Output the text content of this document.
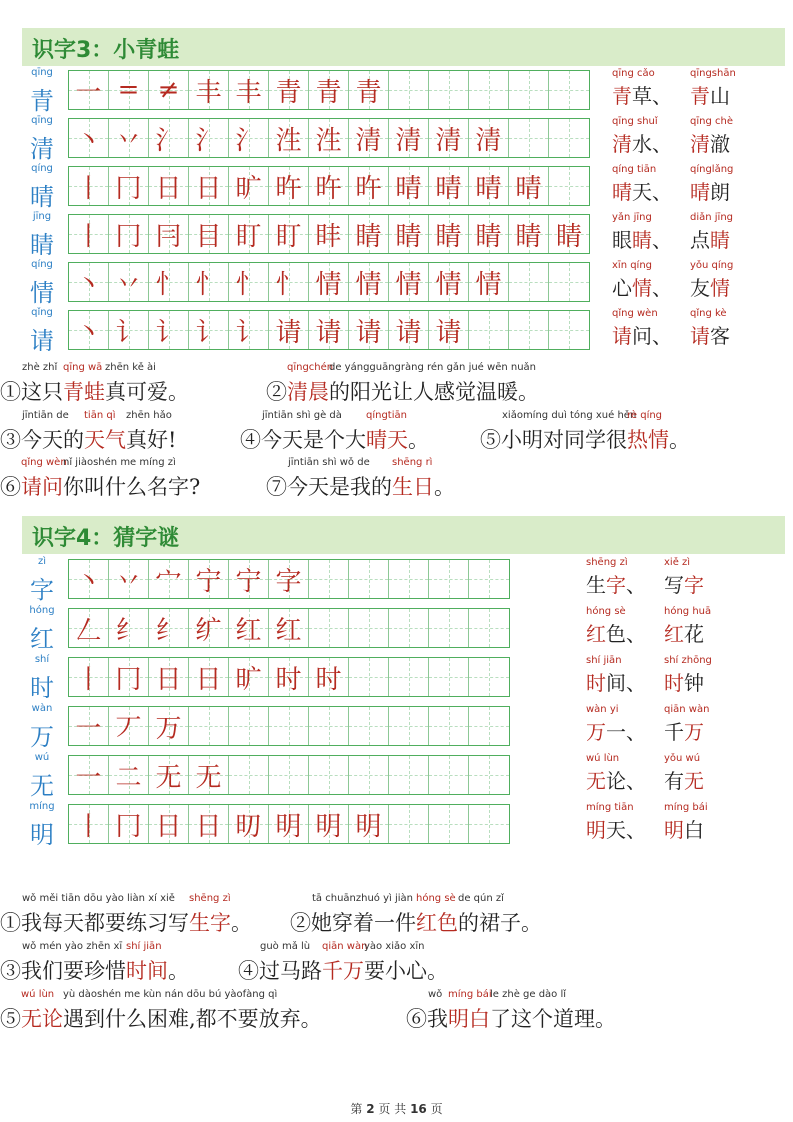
识字3：小青蛙
qīng
青 一 = ≠ 丰 丰 青 青 青
qīng cǎo
青草、
qīngshān
青山
qīng
清 丶 丷 氵 氵 氵 泩 泩 清 清 清 清
qīng shuǐ
清水、
qīng chè
清澈
qíng
晴 丨 冂 日 日 旷 旿 旿 旿 晴 晴 晴 晴
qíng tiān
晴天、
qínglǎng
晴朗
jīng
睛 丨 冂 冃 目 盯 盯 盽 睛 睛 睛 睛 睛 睛
yǎn jīng
眼睛、
diǎn jīng
点睛
qíng
情 丶 丷 忄 忄 忄 忄 情 情 情 情 情
xīn qíng
心情、
yǒu qíng
友情
qǐng
请 丶 讠 讠 讠 讠 请 请 请 请 请
qǐng wèn
请问、
qǐng kè
请客
zhè zhǐ qīng wā zhēn kě ài
①这只青蛙真可爱。
qīngchén
de yángguāngràng rén gǎn jué wēn nuǎn
②清晨的阳光让人感觉温暖。
jīntiān de tiān qì zhēn hǎo
③今天的天气真好!
jīntiān shì gè dà qíngtiān
④今天是个大晴天。
xiǎomíng duì tóng xué hěn
rè qíng
⑤小明对同学很热情。
qǐng wèn
nǐ jiàoshén me míng zì
⑥请问你叫什么名字?
jīntiān shì wǒ de shēng rì
⑦今天是我的生日。
识字4：猜字谜
zì
字 丶 丷 宀 宁 宁 字
shēng zì
生字、
xiě zì
写字
hóng
红 𠃋 纟 纟 纩 红 红
hóng sè
红色、
hóng huā
红花
shí
时 丨 冂 日 日 旷 时 时
shí jiān
时间、
shí zhōng
时钟
wàn
万 一 丆 万
wàn yi
万一、
qiān wàn
千万
wú
无 一 二 无 无
wú lùn
无论、
yǒu wú
有无
míng
明 丨 冂 日 日 旫 明 明 明
míng tiān
明天、
míng bái
明白
wǒ měi tiān dōu yào liàn xí xiě shēng zì
①我每天都要练习写生字。
tā chuānzhuó yì jiàn hóng sè de qún zǐ
②她穿着一件红色的裙子。
wǒ mén yào zhēn xī shí jiān
③我们要珍惜时间。
guò mǎ lù qiān wàn
yào xiǎo xīn
④过马路千万要小心。
wú lùn yù dàoshén me kùn nán dōu bú yàofàng qì
⑤无论遇到什么困难,都不要放弃。
wǒ míng bái
le zhè ge dào lǐ
⑥我明白了这个道理。
第 2 页 共 16 页
